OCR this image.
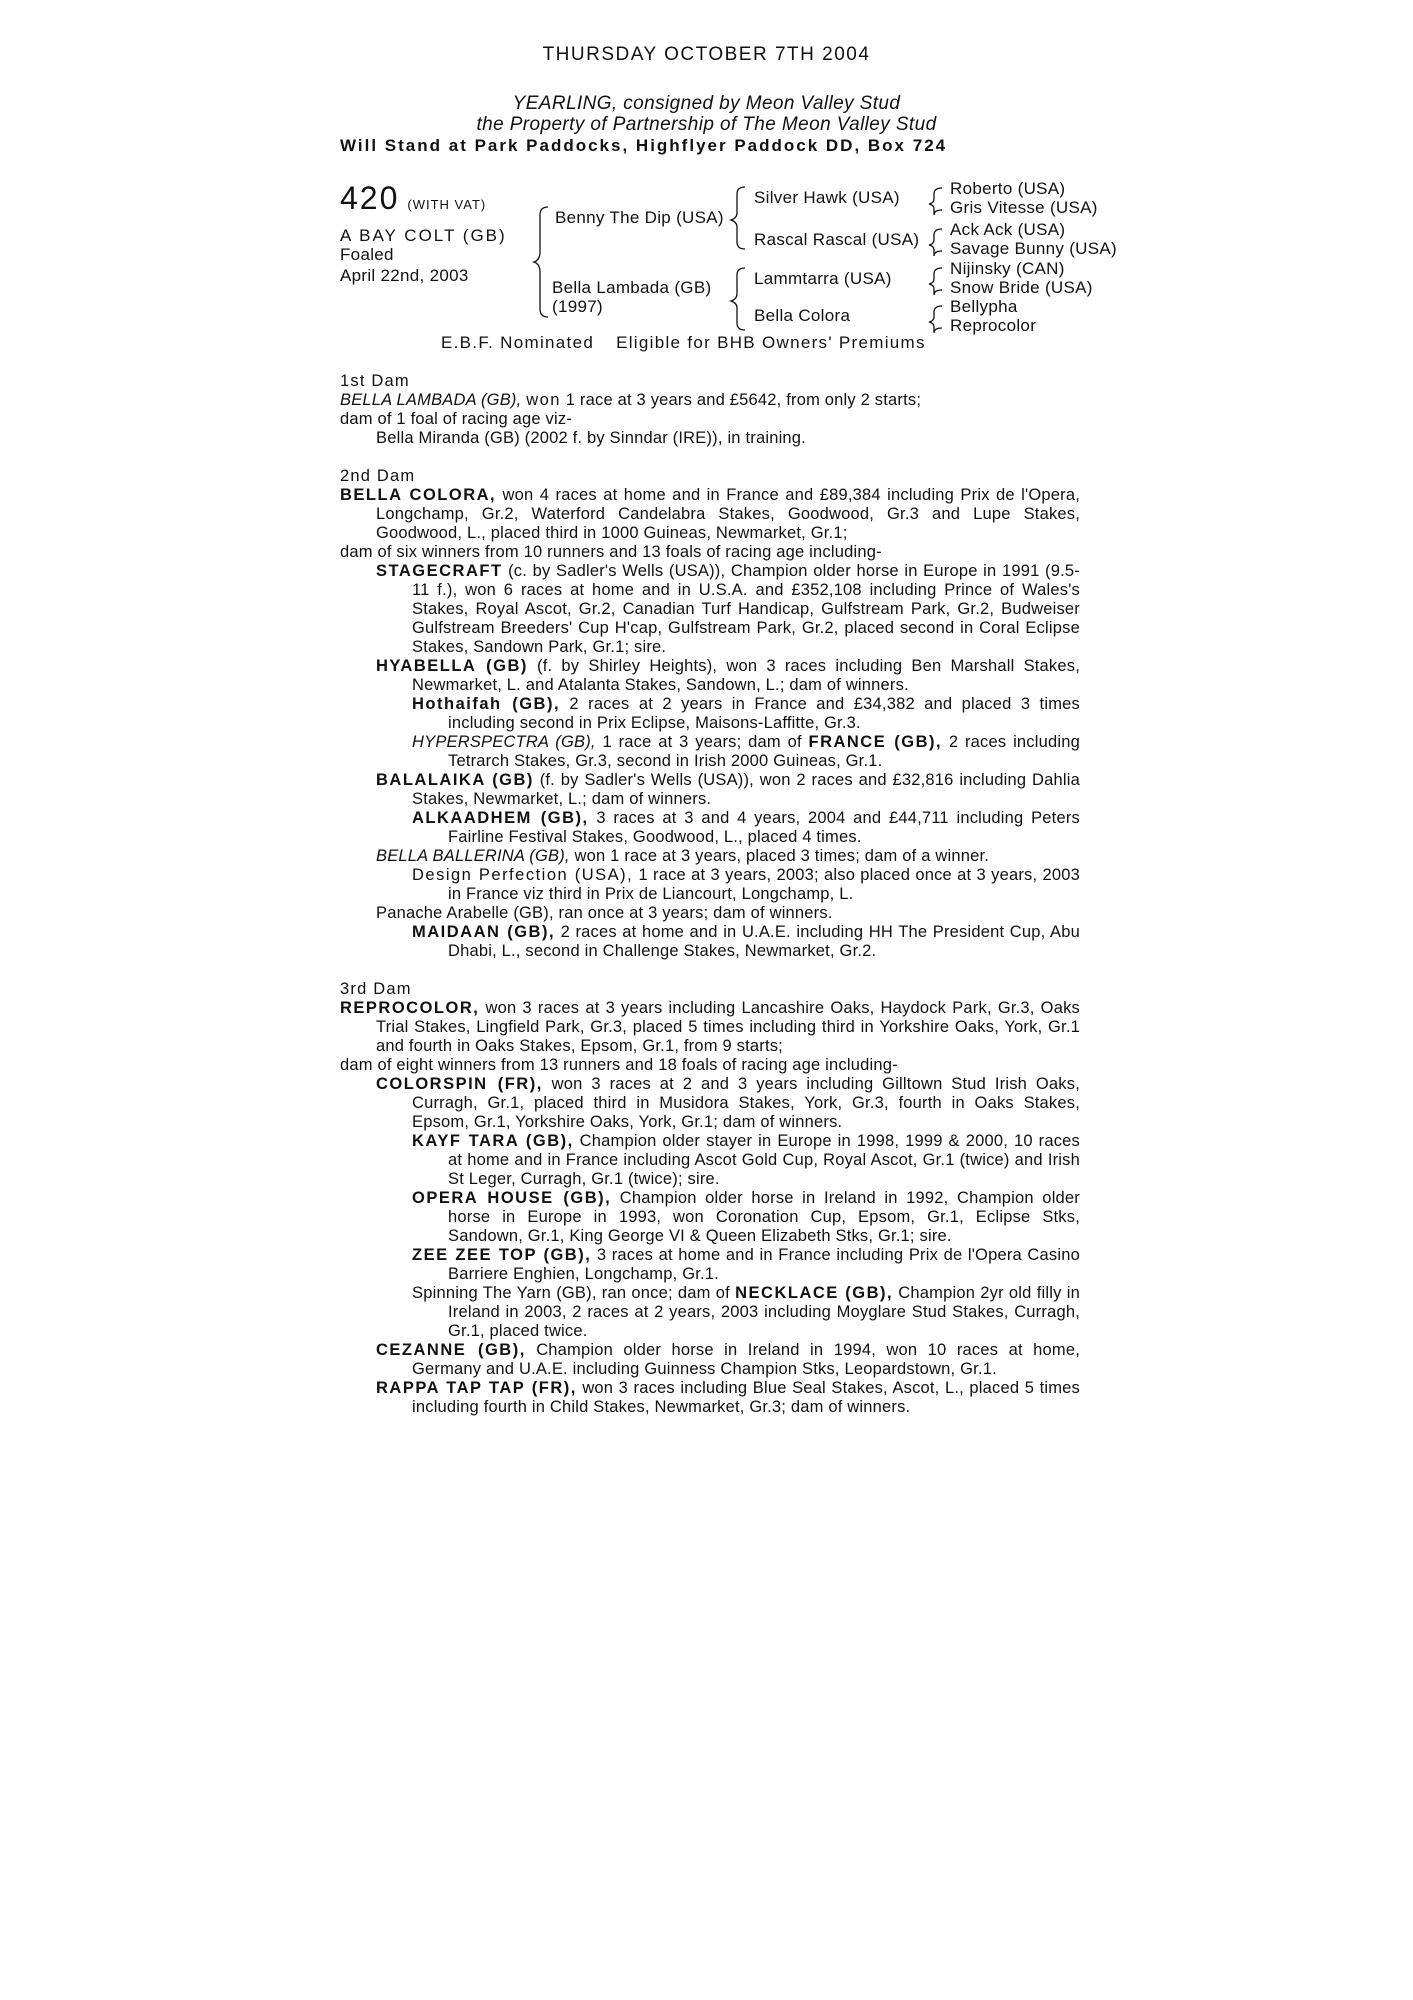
THURSDAY OCTOBER 7TH 2004
YEARLING, consigned by Meon Valley Stud
the Property of Partnership of The Meon Valley Stud
Will Stand at Park Paddocks, Highflyer Paddock DD, Box 724
420 (WITH VAT)
A BAY COLT (GB)
Foaled
April 22nd, 2003
Benny The Dip (USA)
Bella Lambada (GB)
(1997)
Silver Hawk (USA)
Rascal Rascal (USA)
Lammtarra (USA)
Bella Colora
Roberto (USA)
Gris Vitesse (USA)
Ack Ack (USA)
Savage Bunny (USA)
Nijinsky (CAN)
Snow Bride (USA)
Bellypha
Reprocolor
E.B.F. Nominated Eligible for BHB Owners' Premiums
1st Dam
BELLA LAMBADA (GB), won 1 race at 3 years and £5642, from only 2 starts;
dam of 1 foal of racing age viz-
Bella Miranda (GB) (2002 f. by Sinndar (IRE)), in training.
2nd Dam

BELLA COLORA, won 4 races at home and in France and £89,384 including Prix de l'Opera, Longchamp, Gr.2, Waterford Candelabra Stakes, Goodwood, Gr.3 and Lupe Stakes, Goodwood, L., placed third in 1000 Guineas, Newmarket, Gr.1;

dam of six winners from 10 runners and 13 foals of racing age including-

STAGECRAFT (c. by Sadler's Wells (USA)), Champion older horse in Europe in 1991 (9.5-11 f.), won 6 races at home and in U.S.A. and £352,108 including Prince of Wales's Stakes, Royal Ascot, Gr.2, Canadian Turf Handicap, Gulfstream Park, Gr.2, Budweiser Gulfstream Breeders' Cup H'cap, Gulfstream Park, Gr.2, placed second in Coral Eclipse Stakes, Sandown Park, Gr.1; sire.

HYABELLA (GB) (f. by Shirley Heights), won 3 races including Ben Marshall Stakes, Newmarket, L. and Atalanta Stakes, Sandown, L.; dam of winners.

Hothaifah (GB), 2 races at 2 years in France and £34,382 and placed 3 times including second in Prix Eclipse, Maisons-Laffitte, Gr.3.

HYPERSPECTRA (GB), 1 race at 3 years; dam of FRANCE (GB), 2 races including Tetrarch Stakes, Gr.3, second in Irish 2000 Guineas, Gr.1.

BALALAIKA (GB) (f. by Sadler's Wells (USA)), won 2 races and £32,816 including Dahlia Stakes, Newmarket, L.; dam of winners.

ALKAADHEM (GB), 3 races at 3 and 4 years, 2004 and £44,711 including Peters Fairline Festival Stakes, Goodwood, L., placed 4 times.

BELLA BALLERINA (GB), won 1 race at 3 years, placed 3 times; dam of a winner.

Design Perfection (USA), 1 race at 3 years, 2003; also placed once at 3 years, 2003 in France viz third in Prix de Liancourt, Longchamp, L.

Panache Arabelle (GB), ran once at 3 years; dam of winners.

MAIDAAN (GB), 2 races at home and in U.A.E. including HH The President Cup, Abu Dhabi, L., second in Challenge Stakes, Newmarket, Gr.2.

3rd Dam

REPROCOLOR, won 3 races at 3 years including Lancashire Oaks, Haydock Park, Gr.3, Oaks Trial Stakes, Lingfield Park, Gr.3, placed 5 times including third in Yorkshire Oaks, York, Gr.1 and fourth in Oaks Stakes, Epsom, Gr.1, from 9 starts;

dam of eight winners from 13 runners and 18 foals of racing age including-

COLORSPIN (FR), won 3 races at 2 and 3 years including Gilltown Stud Irish Oaks, Curragh, Gr.1, placed third in Musidora Stakes, York, Gr.3, fourth in Oaks Stakes, Epsom, Gr.1, Yorkshire Oaks, York, Gr.1; dam of winners.

KAYF TARA (GB), Champion older stayer in Europe in 1998, 1999 & 2000, 10 races at home and in France including Ascot Gold Cup, Royal Ascot, Gr.1 (twice) and Irish St Leger, Curragh, Gr.1 (twice); sire.

OPERA HOUSE (GB), Champion older horse in Ireland in 1992, Champion older horse in Europe in 1993, won Coronation Cup, Epsom, Gr.1, Eclipse Stks, Sandown, Gr.1, King George VI & Queen Elizabeth Stks, Gr.1; sire.

ZEE ZEE TOP (GB), 3 races at home and in France including Prix de l'Opera Casino Barriere Enghien, Longchamp, Gr.1.

Spinning The Yarn (GB), ran once; dam of NECKLACE (GB), Champion 2yr old filly in Ireland in 2003, 2 races at 2 years, 2003 including Moyglare Stud Stakes, Curragh, Gr.1, placed twice.

CEZANNE (GB), Champion older horse in Ireland in 1994, won 10 races at home, Germany and U.A.E. including Guinness Champion Stks, Leopardstown, Gr.1.

RAPPA TAP TAP (FR), won 3 races including Blue Seal Stakes, Ascot, L., placed 5 times including fourth in Child Stakes, Newmarket, Gr.3; dam of winners.
